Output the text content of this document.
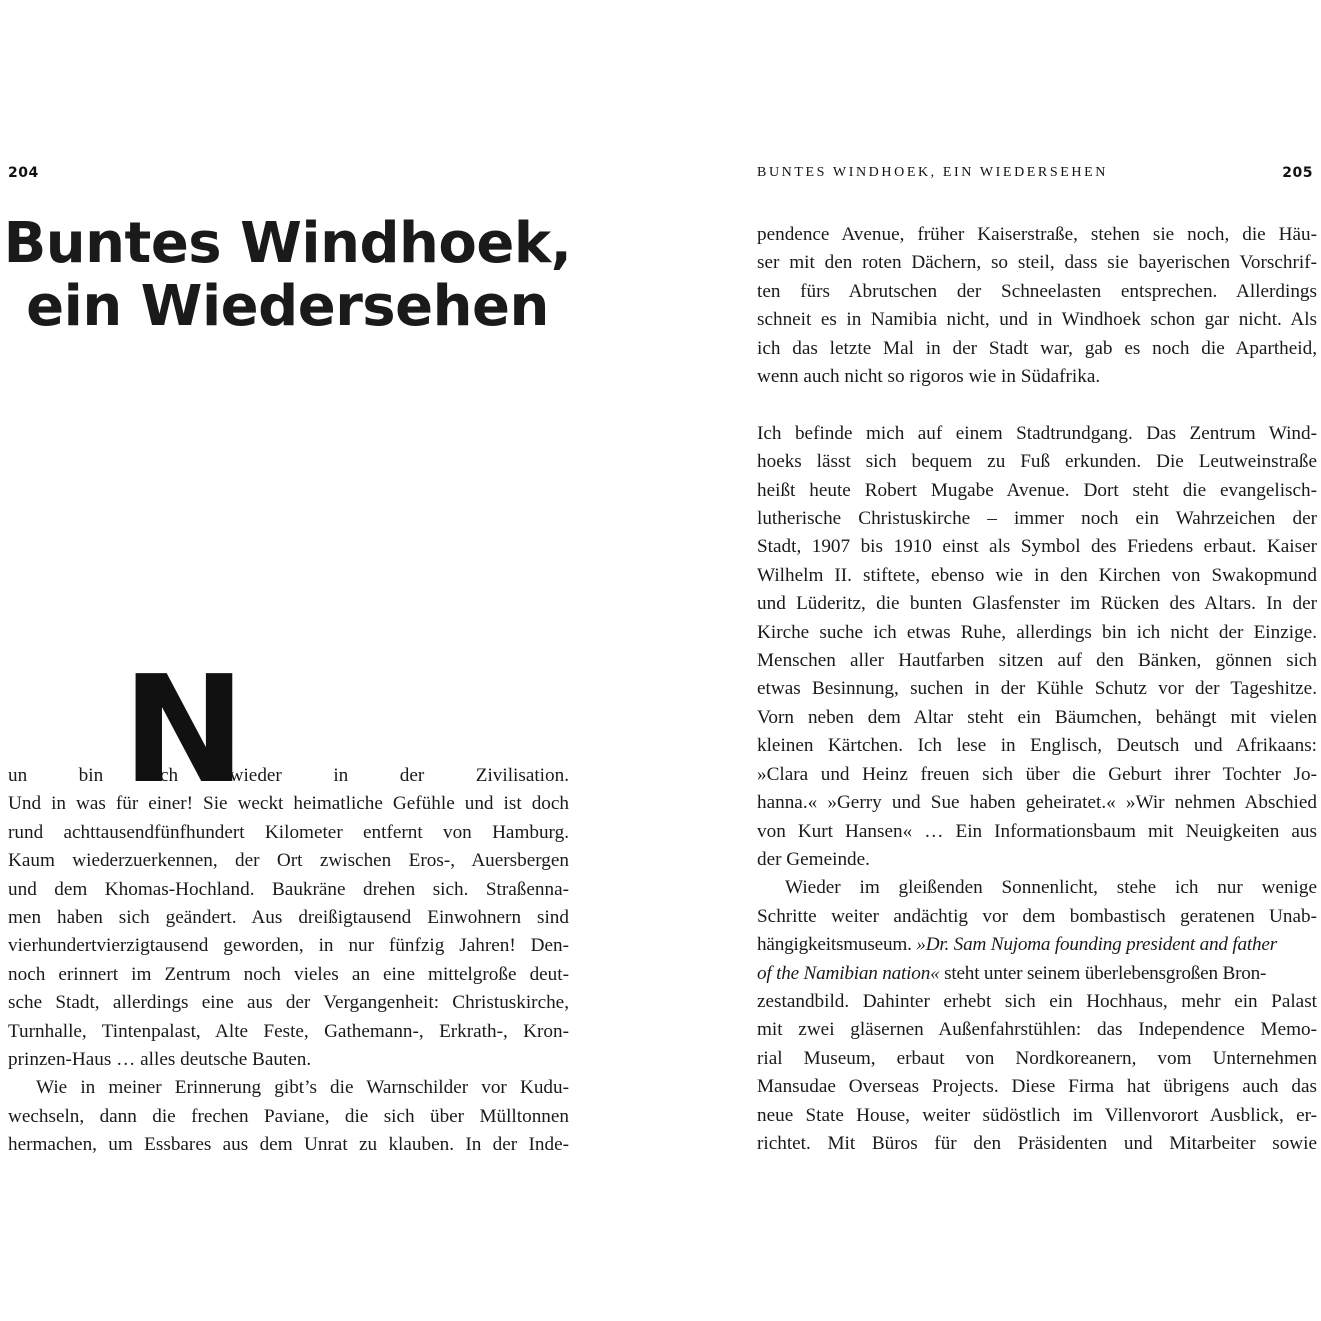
204
Buntes Windhoek,
ein Wiedersehen

N
un bin ich wieder in der Zivilisation.

Und in was für einer! Sie weckt heimatliche Gefühle und ist doch

rund achttausendfünfhundert Kilometer entfernt von Hamburg.

Kaum wiederzuerkennen, der Ort zwischen Eros-, Auersbergen

und dem Khomas-Hochland. Baukräne drehen sich. Straßenna-

men haben sich geändert. Aus dreißigtausend Einwohnern sind

vierhundertvierzigtausend geworden, in nur fünfzig Jahren! Den-

noch erinnert im Zentrum noch vieles an eine mittelgroße deut-

sche Stadt, allerdings eine aus der Vergangenheit: Christuskirche,

Turnhalle, Tintenpalast, Alte Feste, Gathemann-, Erkrath-, Kron-

prinzen-Haus … alles deutsche Bauten.

Wie in meiner Erinnerung gibt’s die Warnschilder vor Kudu-

wechseln, dann die frechen Paviane, die sich über Mülltonnen

hermachen, um Essbares aus dem Unrat zu klauben. In der Inde-

BUNTES WINDHOEK, EIN WIEDERSEHEN	205

pendence Avenue, früher Kaiserstraße, stehen sie noch, die Häu-

ser mit den roten Dächern, so steil, dass sie bayerischen Vorschrif-

ten fürs Abrutschen der Schneelasten entsprechen. Allerdings

schneit es in Namibia nicht, und in Windhoek schon gar nicht. Als

ich das letzte Mal in der Stadt war, gab es noch die Apartheid,

wenn auch nicht so rigoros wie in Südafrika.

Ich befinde mich auf einem Stadtrundgang. Das Zentrum Wind-

hoeks lässt sich bequem zu Fuß erkunden. Die Leutweinstraße

heißt heute Robert Mugabe Avenue. Dort steht die evangelisch-

lutherische Christuskirche – immer noch ein Wahrzeichen der

Stadt, 1907 bis 1910 einst als Symbol des Friedens erbaut. Kaiser

Wilhelm II. stiftete, ebenso wie in den Kirchen von Swakopmund

und Lüderitz, die bunten Glasfenster im Rücken des Altars. In der

Kirche suche ich etwas Ruhe, allerdings bin ich nicht der Einzige.

Menschen aller Hautfarben sitzen auf den Bänken, gönnen sich

etwas Besinnung, suchen in der Kühle Schutz vor der Tageshitze.

Vorn neben dem Altar steht ein Bäumchen, behängt mit vielen

kleinen Kärtchen. Ich lese in Englisch, Deutsch und Afrikaans:

»Clara und Heinz freuen sich über die Geburt ihrer Tochter Jo-

hanna.« »Gerry und Sue haben geheiratet.« »Wir nehmen Abschied

von Kurt Hansen« … Ein Informationsbaum mit Neuigkeiten aus

der Gemeinde.

Wieder im gleißenden Sonnenlicht, stehe ich nur wenige

Schritte weiter andächtig vor dem bombastisch geratenen Unab-

hängigkeitsmuseum. »Dr. Sam Nujoma founding president and father

of the Namibian nation« steht unter seinem überlebensgroßen Bron-

zestandbild. Dahinter erhebt sich ein Hochhaus, mehr ein Palast

mit zwei gläsernen Außenfahrstühlen: das Independence Memo-

rial Museum, erbaut von Nordkoreanern, vom Unternehmen

Mansudae Overseas Projects. Diese Firma hat übrigens auch das

neue State House, weiter südöstlich im Villenvorort Ausblick, er-

richtet. Mit Büros für den Präsidenten und Mitarbeiter sowie
